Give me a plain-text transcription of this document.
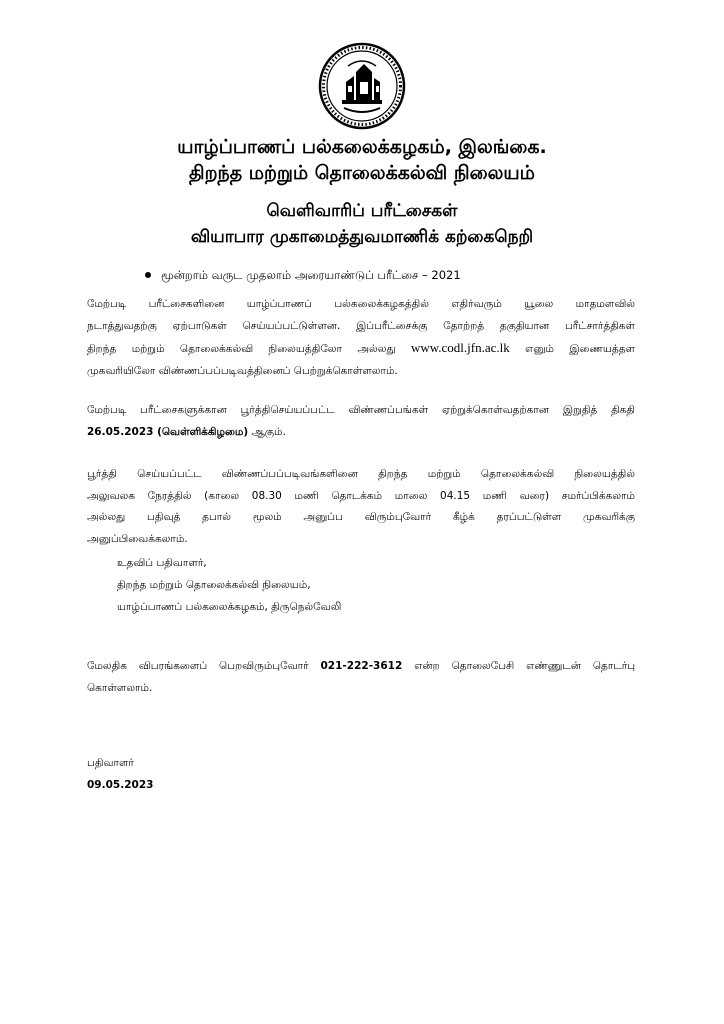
யாழ்ப்பாணப் பல்கலைக்கழகம், இலங்கை.
திறந்த மற்றும் தொலைக்கல்வி நிலையம்
வெளிவாரிப் பரீட்சைகள்
வியாபார முகாமைத்துவமாணிக் கற்கைநெறி
மூன்றாம் வருட முதலாம் அரையாண்டுப் பரீட்சை – 2021
மேற்படி பரீட்சைகளினை யாழ்ப்பாணப் பல்கலைக்கழகத்தில் எதிர்வரும் யூலை மாதமளவில்
நடாத்துவதற்கு ஏற்பாடுகள் செய்யப்பட்டுள்ளன. இப்பரீட்சைக்கு தோற்றத் தகுதியான பரீட்சார்த்திகள்
திறந்த மற்றும் தொலைக்கல்வி நிலையத்திலோ அல்லது www.codl.jfn.ac.lk எனும் இணையத்தள
முகவரியிலோ விண்ணப்பப்படிவத்தினைப் பெற்றுக்கொள்ளலாம்.
மேற்படி பரீட்சைகளுக்கான பூர்த்திசெய்யப்பட்ட விண்ணப்பங்கள் ஏற்றுக்கொள்வதற்கான இறுதித் திகதி
26.05.2023 (வெள்ளிக்கிழமை) ஆகும்.
பூர்த்தி செய்யப்பட்ட விண்ணப்பப்படிவங்களினை திறந்த மற்றும் தொலைக்கல்வி நிலையத்தில்
அலுவலக நேரத்தில் (காலை 08.30 மணி தொடக்கம் மாலை 04.15 மணி வரை) சமர்ப்பிக்கலாம்
அல்லது பதிவுத் தபால் மூலம் அனுப்ப விரும்புவோர் கீழ்க் தரப்பட்டுள்ள முகவரிக்கு
அனுப்பிவைக்கலாம்.
உதவிப் பதிவாளர்,
திறந்த மற்றும் தொலைக்கல்வி நிலையம்,
யாழ்ப்பாணப் பல்கலைக்கழகம், திருநெல்வேலி
மேலதிக விபரங்களைப் பெறவிரும்புவோர் 021-222-3612 என்ற தொலைபேசி எண்ணுடன் தொடர்பு
கொள்ளலாம்.
பதிவாளர்
09.05.2023
